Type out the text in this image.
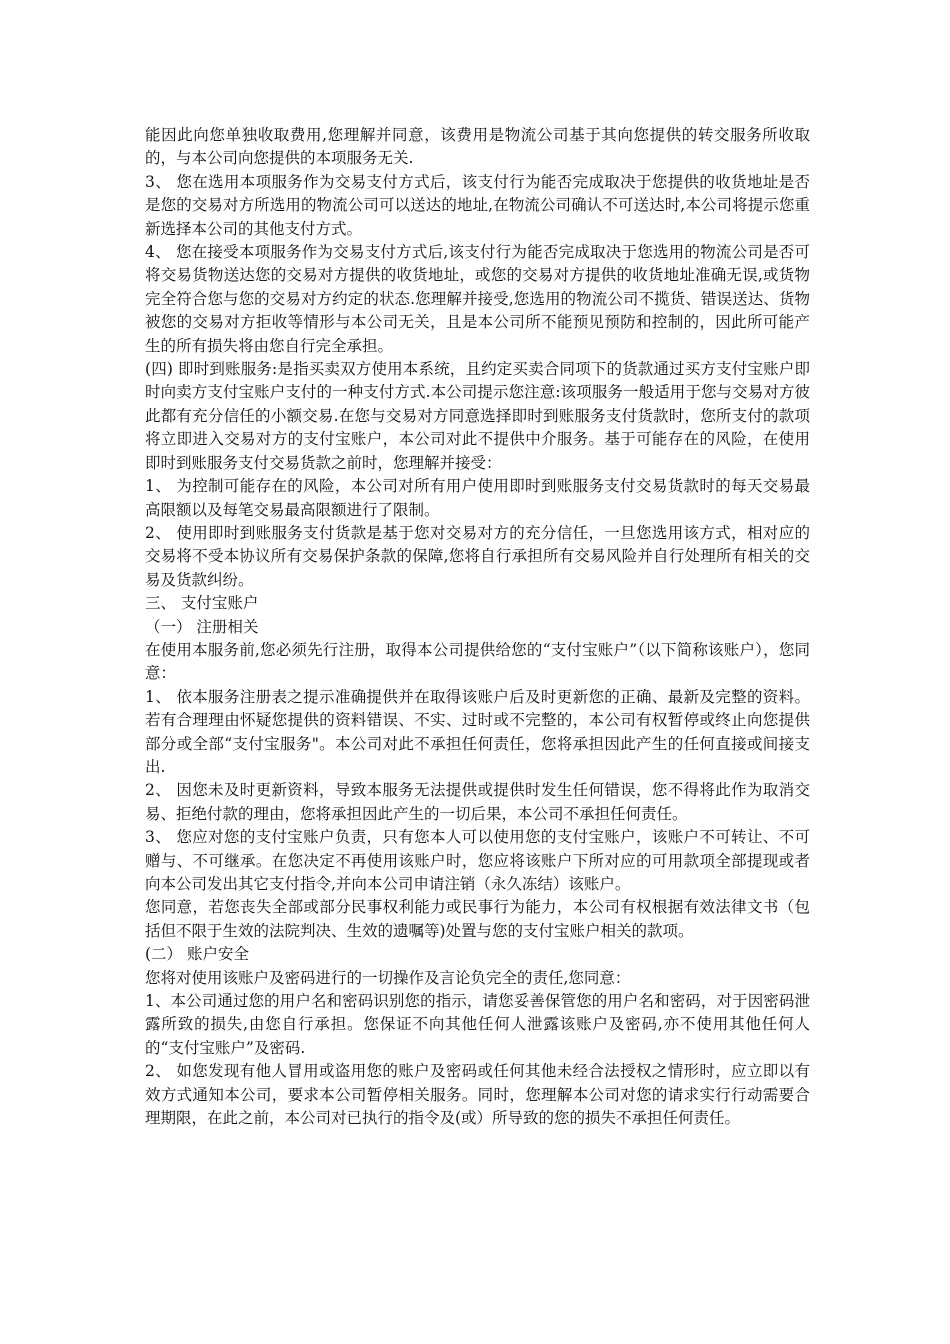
能因此向您单独收取费用,您理解并同意，该费用是物流公司基于其向您提供的转交服务所收取的，与本公司向您提供的本项服务无关.

3、 您在选用本项服务作为交易支付方式后，该支付行为能否完成取决于您提供的收货地址是否是您的交易对方所选用的物流公司可以送达的地址,在物流公司确认不可送达时,本公司将提示您重新选择本公司的其他支付方式。

4、 您在接受本项服务作为交易支付方式后,该支付行为能否完成取决于您选用的物流公司是否可将交易货物送达您的交易对方提供的收货地址，或您的交易对方提供的收货地址准确无误,或货物完全符合您与您的交易对方约定的状态.您理解并接受,您选用的物流公司不揽货、错误送达、货物被您的交易对方拒收等情形与本公司无关，且是本公司所不能预见预防和控制的，因此所可能产生的所有损失将由您自行完全承担。

(四) 即时到账服务:是指买卖双方使用本系统，且约定买卖合同项下的货款通过买方支付宝账户即时向卖方支付宝账户支付的一种支付方式.本公司提示您注意:该项服务一般适用于您与交易对方彼此都有充分信任的小额交易.在您与交易对方同意选择即时到账服务支付货款时，您所支付的款项将立即进入交易对方的支付宝账户，本公司对此不提供中介服务。基于可能存在的风险，在使用即时到账服务支付交易货款之前时，您理解并接受：

1、 为控制可能存在的风险，本公司对所有用户使用即时到账服务支付交易货款时的每天交易最高限额以及每笔交易最高限额进行了限制。

2、 使用即时到账服务支付货款是基于您对交易对方的充分信任，一旦您选用该方式，相对应的交易将不受本协议所有交易保护条款的保障,您将自行承担所有交易风险并自行处理所有相关的交易及货款纠纷。

三、 支付宝账户

（一） 注册相关

在使用本服务前,您必须先行注册，取得本公司提供给您的“支付宝账户”（以下简称该账户），您同意：

1、 依本服务注册表之提示准确提供并在取得该账户后及时更新您的正确、最新及完整的资料。若有合理理由怀疑您提供的资料错误、不实、过时或不完整的，本公司有权暂停或终止向您提供部分或全部“支付宝服务"。本公司对此不承担任何责任，您将承担因此产生的任何直接或间接支出.

2、 因您未及时更新资料，导致本服务无法提供或提供时发生任何错误，您不得将此作为取消交易、拒绝付款的理由，您将承担因此产生的一切后果，本公司不承担任何责任。

3、 您应对您的支付宝账户负责，只有您本人可以使用您的支付宝账户，该账户不可转让、不可赠与、不可继承。在您决定不再使用该账户时，您应将该账户下所对应的可用款项全部提现或者向本公司发出其它支付指令,并向本公司申请注销（永久冻结）该账户。

您同意，若您丧失全部或部分民事权利能力或民事行为能力，本公司有权根据有效法律文书（包括但不限于生效的法院判决、生效的遗嘱等)处置与您的支付宝账户相关的款项。

(二） 账户安全

您将对使用该账户及密码进行的一切操作及言论负完全的责任,您同意：

1、本公司通过您的用户名和密码识别您的指示，请您妥善保管您的用户名和密码，对于因密码泄露所致的损失,由您自行承担。您保证不向其他任何人泄露该账户及密码,亦不使用其他任何人的“支付宝账户”及密码.

2、 如您发现有他人冒用或盗用您的账户及密码或任何其他未经合法授权之情形时，应立即以有效方式通知本公司，要求本公司暂停相关服务。同时，您理解本公司对您的请求实行行动需要合理期限，在此之前，本公司对已执行的指令及(或）所导致的您的损失不承担任何责任。
